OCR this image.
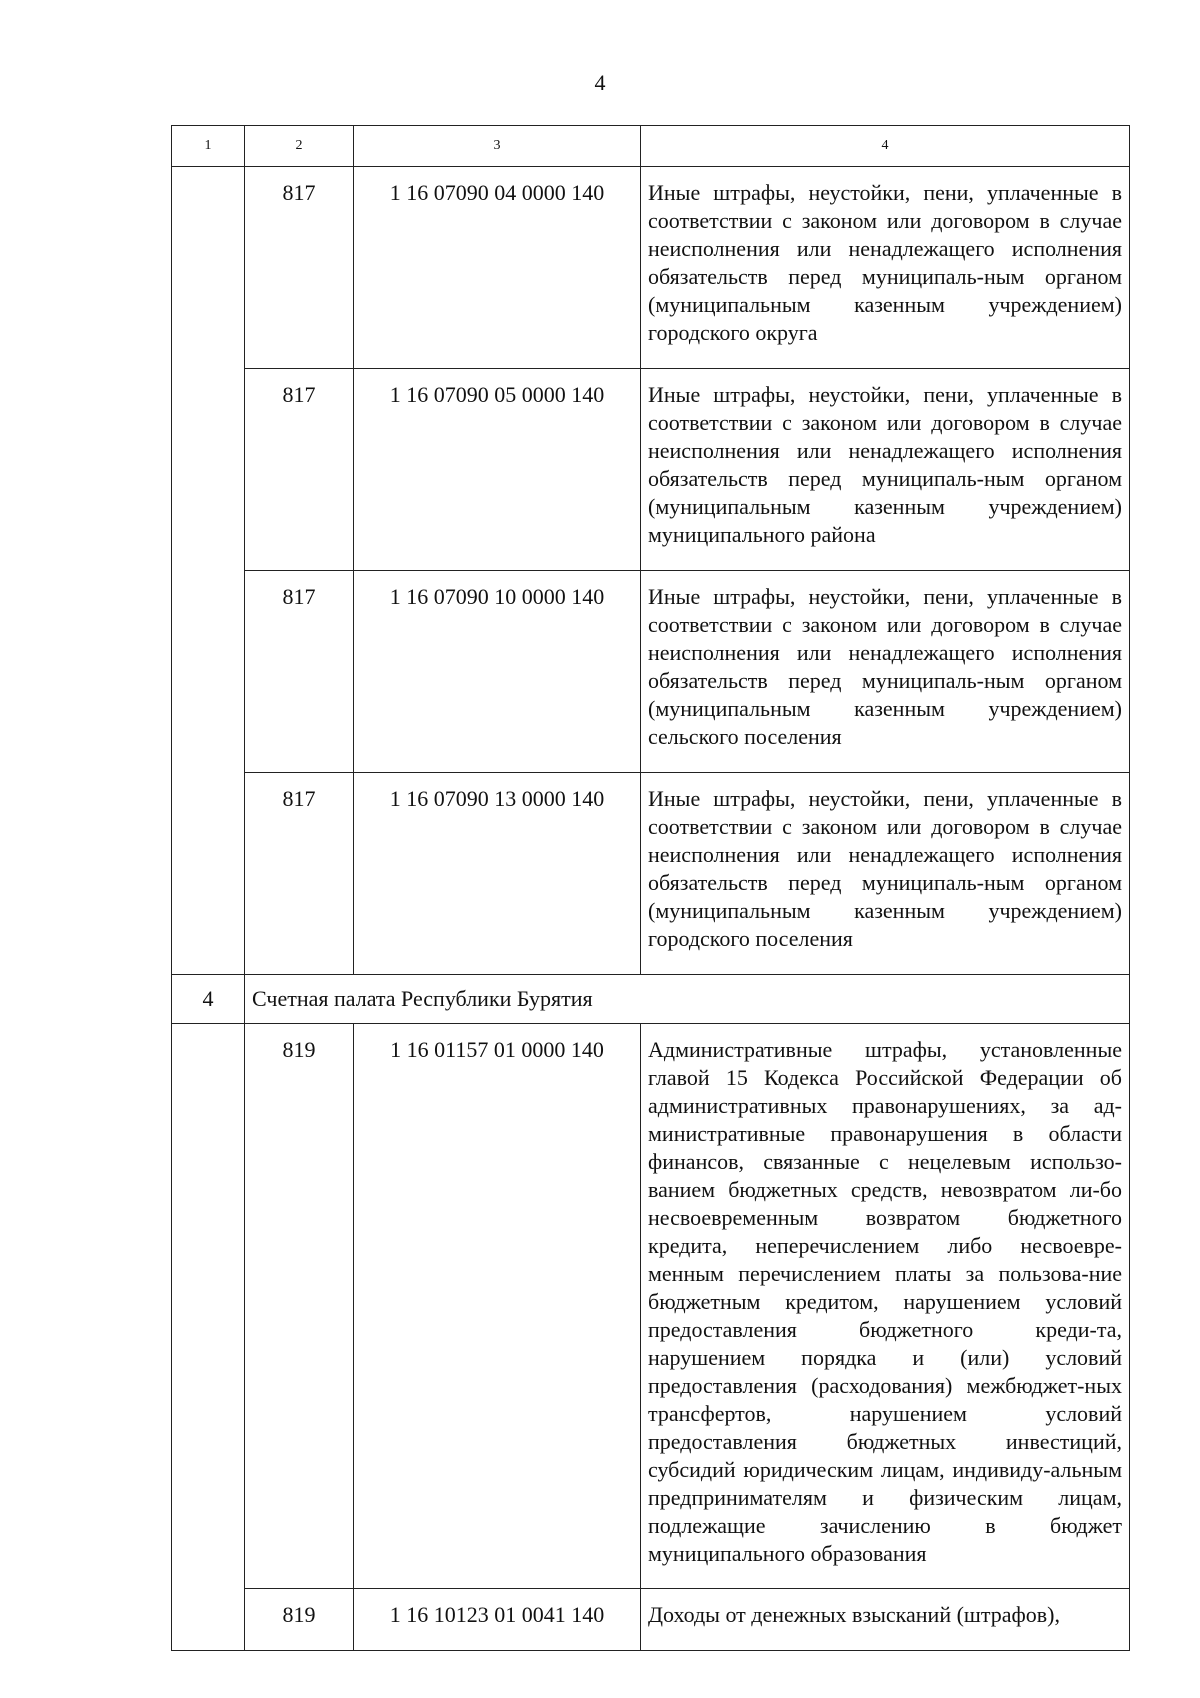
4
1	2	3	4
	817	1 16 07090 04 0000 140	Иные штрафы, неустойки, пени, уплаченные в соответствии с законом или договором в случае неисполнения или ненадлежащего исполнения обязательств перед муниципаль-ным органом (муниципальным казенным учреждением) городского округа
	817	1 16 07090 05 0000 140	Иные штрафы, неустойки, пени, уплаченные в соответствии с законом или договором в случае неисполнения или ненадлежащего исполнения обязательств перед муниципаль-ным органом (муниципальным казенным учреждением) муниципального района
	817	1 16 07090 10 0000 140	Иные штрафы, неустойки, пени, уплаченные в соответствии с законом или договором в случае неисполнения или ненадлежащего исполнения обязательств перед муниципаль-ным органом (муниципальным казенным учреждением) сельского поселения
	817	1 16 07090 13 0000 140	Иные штрафы, неустойки, пени, уплаченные в соответствии с законом или договором в случае неисполнения или ненадлежащего исполнения обязательств перед муниципаль-ным органом (муниципальным казенным учреждением) городского поселения
4	Счетная палата Республики Бурятия		
	819	1 16 01157 01 0000 140	Административные штрафы, установленные главой 15 Кодекса Российской Федерации об административных правонарушениях, за ад-министративные правонарушения в области финансов, связанные с нецелевым использо-ванием бюджетных средств, невозвратом ли-бо несвоевременным возвратом бюджетного кредита, неперечислением либо несвоевре-менным перечислением платы за пользова-ние бюджетным кредитом, нарушением условий предоставления бюджетного креди-та, нарушением порядка и (или) условий предоставления (расходования) межбюджет-ных трансфертов, нарушением условий предоставления бюджетных инвестиций, субсидий юридическим лицам, индивиду-альным предпринимателям и физическим лицам, подлежащие зачислению в бюджет муниципального образования
	819	1 16 10123 01 0041 140	Доходы от денежных взысканий (штрафов),
